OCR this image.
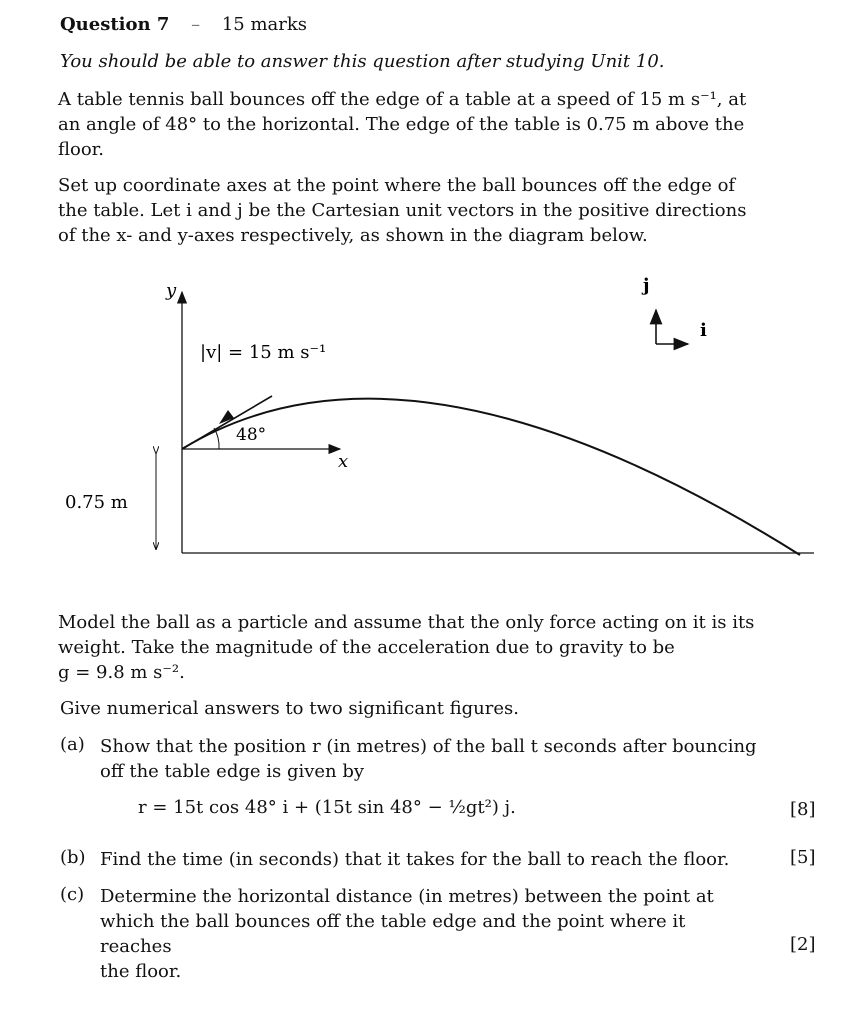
Question 7 – 15 marks
You should be able to answer this question after studying Unit 10.
A table tennis ball bounces off the edge of a table at a speed of 15 m s⁻¹, at
an angle of 48° to the horizontal. The edge of the table is 0.75 m above the
floor.
Set up coordinate axes at the point where the ball bounces off the edge of
the table. Let i and j be the Cartesian unit vectors in the positive directions
of the x- and y-axes respectively, as shown in the diagram below.
y
x
0.75 m
|v| = 15 m s⁻¹
48°
j
i
Model the ball as a particle and assume that the only force acting on it is its
weight. Take the magnitude of the acceleration due to gravity to be
g = 9.8 m s⁻².
Give numerical answers to two significant figures.
(a) Show that the position r (in metres) of the ball t seconds after bouncing
off the table edge is given by
r = 15t cos 48° i + (15t sin 48° − ½gt²) j.	[8]
(b) Find the time (in seconds) that it takes for the ball to reach the floor.	[5]
(c) Determine the horizontal distance (in metres) between the point at
which the ball bounces off the table edge and the point where it reaches
the floor.
[2]
